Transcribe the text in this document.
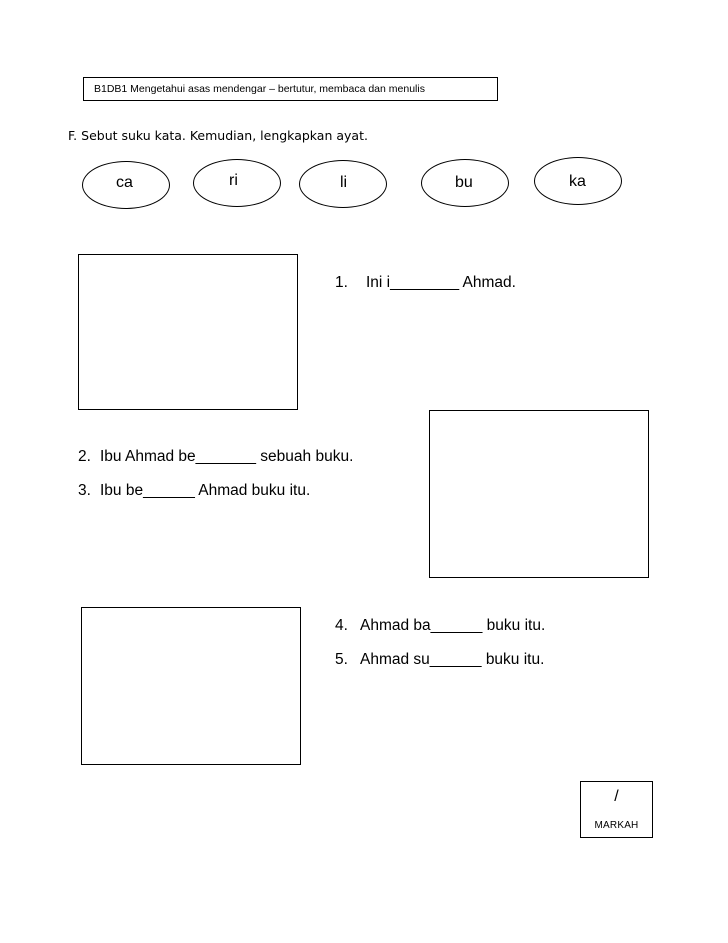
B1DB1 Mengetahui asas mendengar – bertutur, membaca dan menulis
F. Sebut suku kata. Kemudian, lengkapkan ayat.
ca	ri	li	bu	ka
1. Ini i________ Ahmad.
2. Ibu Ahmad be_______ sebuah buku.
3. Ibu be______ Ahmad buku itu.
4. Ahmad ba______ buku itu.
5. Ahmad su______ buku itu.
/
MARKAH
